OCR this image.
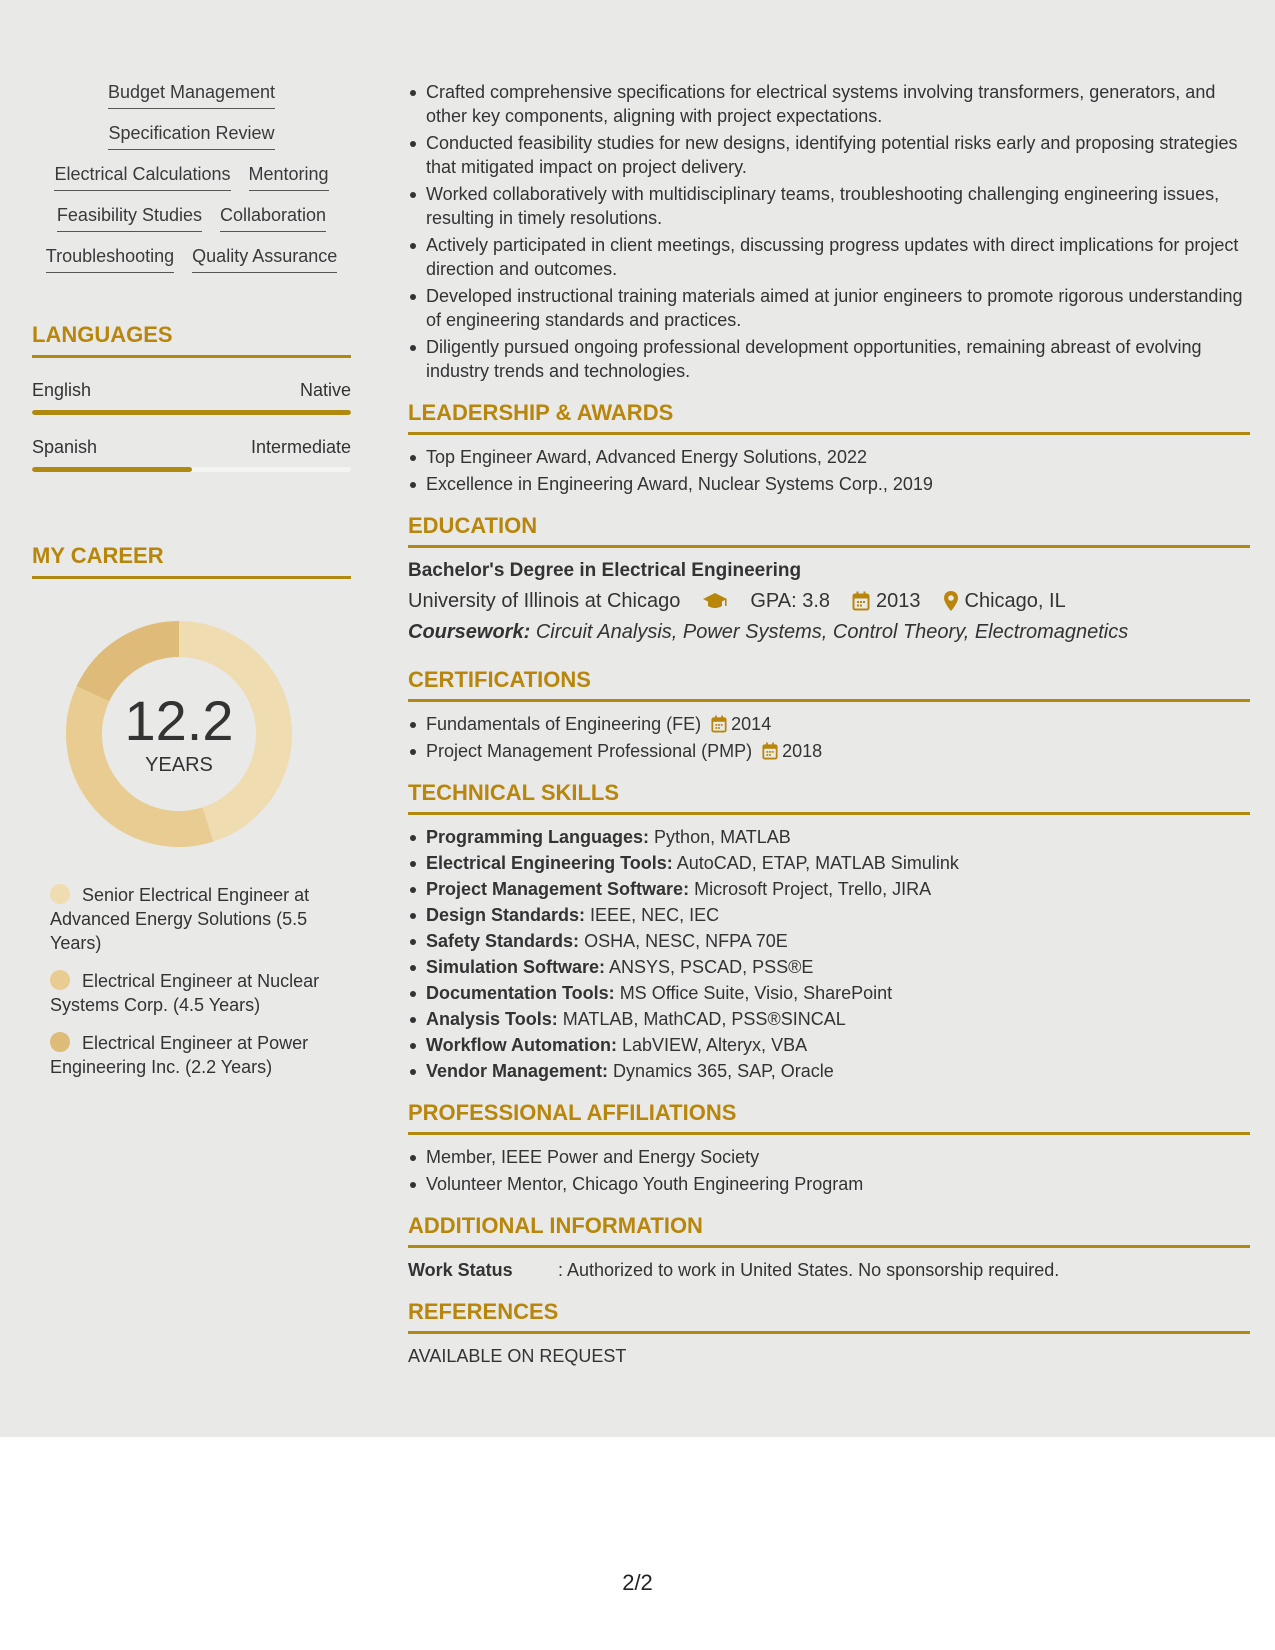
Budget Management
Specification Review
Electrical Calculations Mentoring
Feasibility Studies Collaboration
Troubleshooting Quality Assurance
LANGUAGES
English	Native
Spanish	Intermediate
MY CAREER
12.2
YEARS
Senior Electrical Engineer at Advanced Energy Solutions (5.5 Years)
Electrical Engineer at Nuclear Systems Corp. (4.5 Years)
Electrical Engineer at Power Engineering Inc. (2.2 Years)
Crafted comprehensive specifications for electrical systems involving transformers, generators, and other key components, aligning with project expectations.
Conducted feasibility studies for new designs, identifying potential risks early and proposing strategies that mitigated impact on project delivery.
Worked collaboratively with multidisciplinary teams, troubleshooting challenging engineering issues, resulting in timely resolutions.
Actively participated in client meetings, discussing progress updates with direct implications for project direction and outcomes.
Developed instructional training materials aimed at junior engineers to promote rigorous understanding of engineering standards and practices.
Diligently pursued ongoing professional development opportunities, remaining abreast of evolving industry trends and technologies.
LEADERSHIP & AWARDS
Top Engineer Award, Advanced Energy Solutions, 2022
Excellence in Engineering Award, Nuclear Systems Corp., 2019
EDUCATION
Bachelor's Degree in Electrical Engineering
University of Illinois at Chicago	GPA: 3.8 2013 Chicago, IL
Coursework: Circuit Analysis, Power Systems, Control Theory, Electromagnetics
CERTIFICATIONS
Fundamentals of Engineering (FE) 2014
Project Management Professional (PMP) 2018
TECHNICAL SKILLS
Programming Languages: Python, MATLAB
Electrical Engineering Tools: AutoCAD, ETAP, MATLAB Simulink
Project Management Software: Microsoft Project, Trello, JIRA
Design Standards: IEEE, NEC, IEC
Safety Standards: OSHA, NESC, NFPA 70E
Simulation Software: ANSYS, PSCAD, PSS®E
Documentation Tools: MS Office Suite, Visio, SharePoint
Analysis Tools: MATLAB, MathCAD, PSS®SINCAL
Workflow Automation: LabVIEW, Alteryx, VBA
Vendor Management: Dynamics 365, SAP, Oracle
PROFESSIONAL AFFILIATIONS
Member, IEEE Power and Energy Society
Volunteer Mentor, Chicago Youth Engineering Program
ADDITIONAL INFORMATION
Work Status	: Authorized to work in United States. No sponsorship required.
REFERENCES
AVAILABLE ON REQUEST
2/2
